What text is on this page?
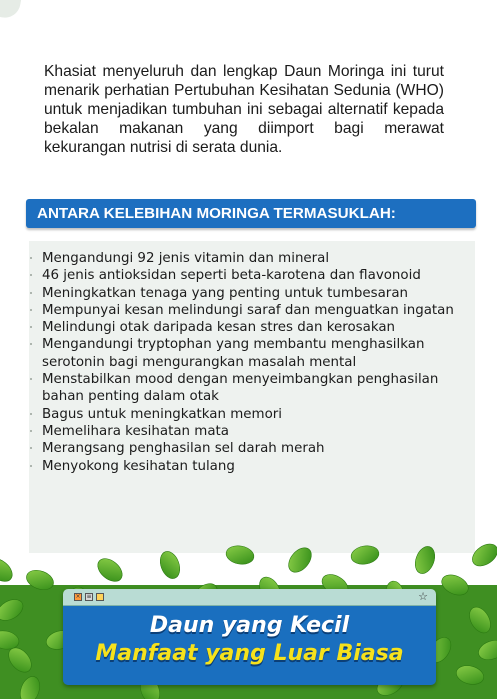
Khasiat menyeluruh dan lengkap Daun Moringa ini turut menarik perhatian Pertubuhan Kesihatan Sedunia (WHO) untuk menjadikan tumbuhan ini sebagai alternatif kepada bekalan makanan yang diimport bagi merawat kekurangan nutrisi di serata dunia.

ANTARA KELEBIHAN MORINGA TERMASUKLAH:
Mengandungi 92 jenis vitamin dan mineral
46 jenis antioksidan seperti beta-karotena dan flavonoid
Meningkatkan tenaga yang penting untuk tumbesaran
Mempunyai kesan melindungi saraf dan menguatkan ingatan
Melindungi otak daripada kesan stres dan kerosakan
Mengandungi tryptophan yang membantu menghasilkan serotonin bagi mengurangkan masalah mental
Menstabilkan mood dengan menyeimbangkan penghasilan bahan penting dalam otak
Bagus untuk meningkatkan memori
Memelihara kesihatan mata
Merangsang penghasilan sel darah merah
Menyokong kesihatan tulang
× ≡	☆
Daun yang Kecil
Manfaat yang Luar Biasa
